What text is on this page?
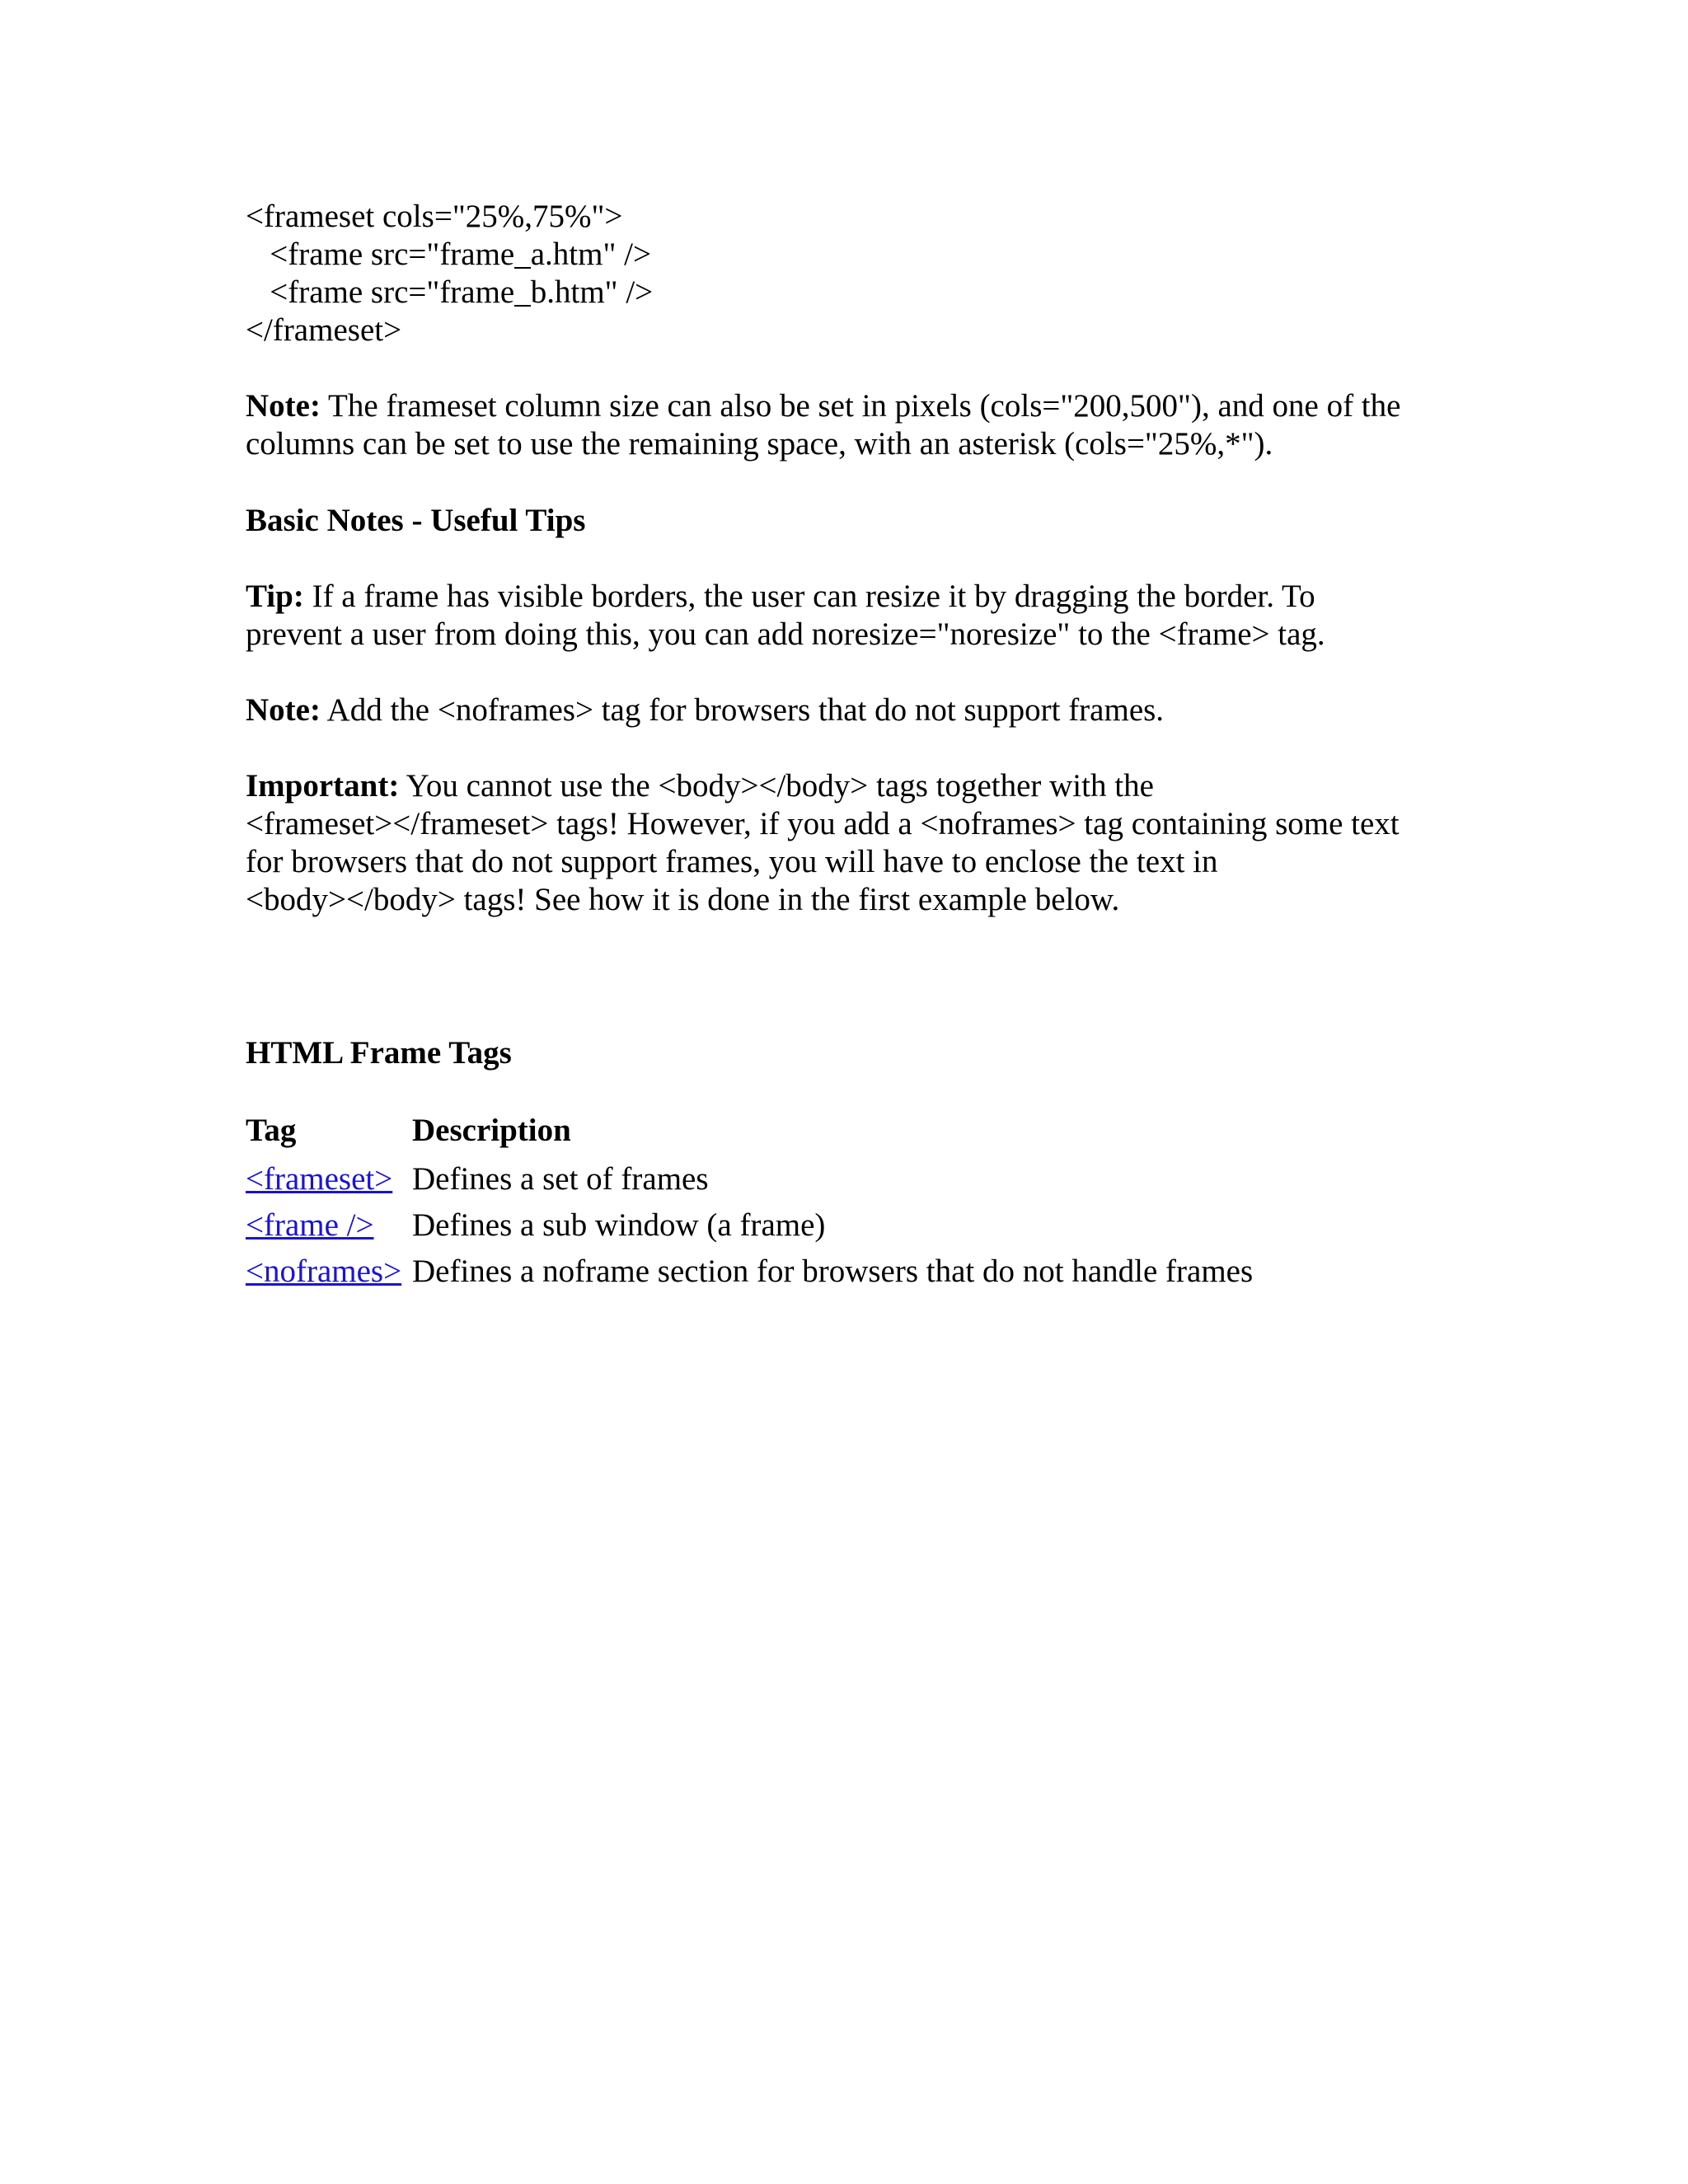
<frameset cols="25%,75%">
<frame src="frame_a.htm" />
<frame src="frame_b.htm" />
</frameset>
Note: The frameset column size can also be set in pixels (cols="200,500"), and one of the
columns can be set to use the remaining space, with an asterisk (cols="25%,*").
Basic Notes - Useful Tips
Tip: If a frame has visible borders, the user can resize it by dragging the border. To
prevent a user from doing this, you can add noresize="noresize" to the <frame> tag.
Note: Add the <noframes> tag for browsers that do not support frames.
Important: You cannot use the <body></body> tags together with the
<frameset></frameset> tags! However, if you add a <noframes> tag containing some text
for browsers that do not support frames, you will have to enclose the text in
<body></body> tags! See how it is done in the first example below.
HTML Frame Tags
Tag	Description
<frameset>	Defines a set of frames
<frame />	Defines a sub window (a frame)
<noframes>	Defines a noframe section for browsers that do not handle frames
